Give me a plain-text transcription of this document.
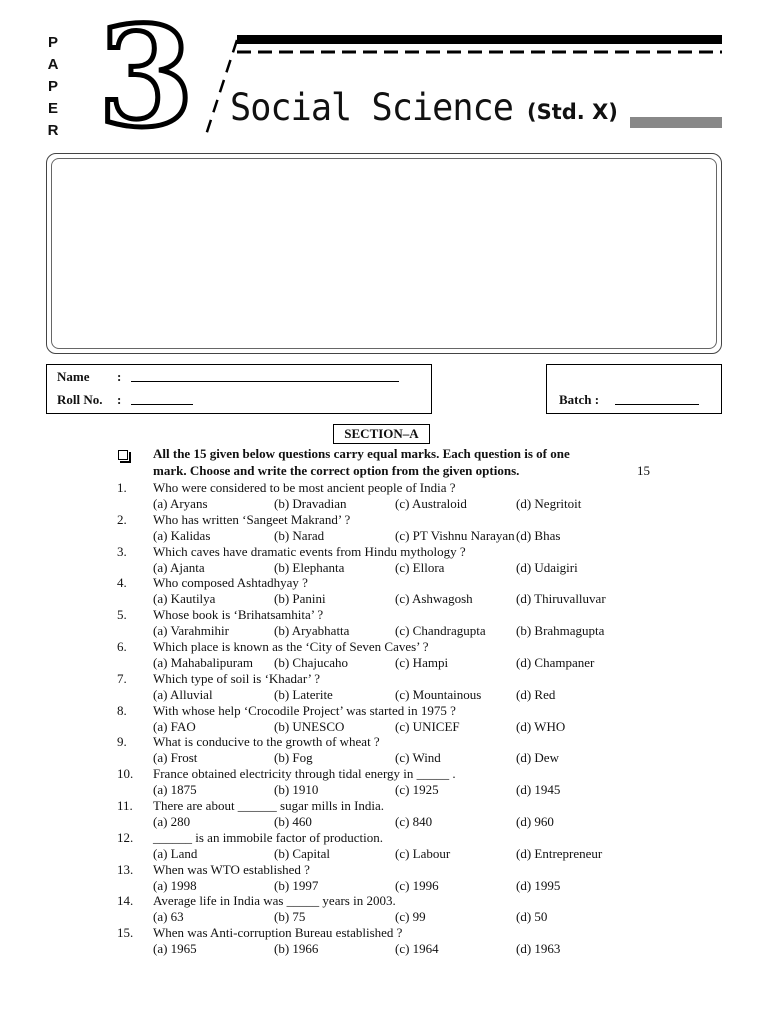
P
A
P
E
R 3 Social Science (Std. X)
Name :
Roll No. :	Batch :
SECTION–A
All the 15 given below questions carry equal marks. Each question is of one
mark. Choose and write the correct option from the given options.	15
1.	Who were considered to be most ancient people of India ?
(a) Aryans	(b) Dravadian	(c) Australoid	(d) Negritoit
2.	Who has written ‘Sangeet Makrand’ ?
(a) Kalidas	(b) Narad	(c) PT Vishnu Narayan (d) Bhas
3.	Which caves have dramatic events from Hindu mythology ?
(a) Ajanta	(b) Elephanta	(c) Ellora	(d) Udaigiri
4.	Who composed Ashtadhyay ?
(a) Kautilya	(b) Panini	(c) Ashwagosh	(d) Thiruvalluvar
5.	Whose book is ‘Brihatsamhita’ ?
(a) Varahmihir	(b) Aryabhatta	(c) Chandragupta (b) Brahmagupta
6.	Which place is known as the ‘City of Seven Caves’ ?
(a) Mahabalipuram (b) Chajucaho	(c) Hampi	(d) Champaner
7.	Which type of soil is ‘Khadar’ ?
(a) Alluvial	(b) Laterite	(c) Mountainous	(d) Red
8.	With whose help ‘Crocodile Project’ was started in 1975 ?
(a) FAO	(b) UNESCO	(c) UNICEF	(d) WHO
9.	What is conducive to the growth of wheat ?
(a) Frost	(b) Fog	(c) Wind	(d) Dew
10.	France obtained electricity through tidal energy in _____ .
(a) 1875	(b) 1910	(c) 1925	(d) 1945
11.	There are about ______ sugar mills in India.
(a) 280	(b) 460	(c) 840	(d) 960
12.	______ is an immobile factor of production.
(a) Land	(b) Capital	(c) Labour	(d) Entrepreneur
13.	When was WTO established ?
(a) 1998	(b) 1997	(c) 1996	(d) 1995
14.	Average life in India was _____ years in 2003.
(a) 63	(b) 75	(c) 99	(d) 50
15.	When was Anti-corruption Bureau established ?
(a) 1965	(b) 1966	(c) 1964	(d) 1963
